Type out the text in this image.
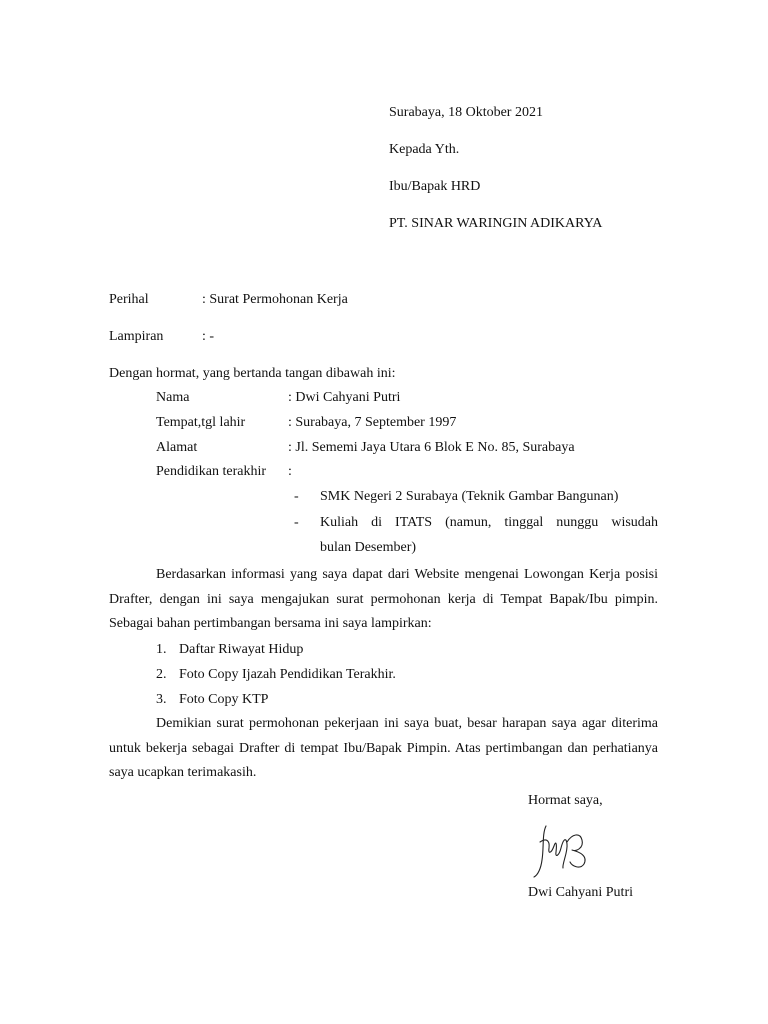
Surabaya, 18 Oktober 2021
Kepada Yth.
Ibu/Bapak HRD
PT. SINAR WARINGIN ADIKARYA
Perihal	: Surat Permohonan Kerja
Lampiran	: -
Dengan hormat, yang bertanda tangan dibawah ini:
Nama	: Dwi Cahyani Putri
Tempat,tgl lahir	: Surabaya, 7 September 1997
Alamat	: Jl. Sememi Jaya Utara 6 Blok E No. 85, Surabaya
Pendidikan terakhir :
- SMK Negeri 2 Surabaya (Teknik Gambar Bangunan)
- Kuliah di ITATS (namun, tinggal nunggu wisudah
bulan Desember)

Berdasarkan informasi yang saya dapat dari Website mengenai Lowongan Kerja posisi Drafter, dengan ini saya mengajukan surat permohonan kerja di Tempat Bapak/Ibu pimpin. Sebagai bahan pertimbangan bersama ini saya lampirkan:

1. Daftar Riwayat Hidup
2. Foto Copy Ijazah Pendidikan Terakhir.
3. Foto Copy KTP

Demikian surat permohonan pekerjaan ini saya buat, besar harapan saya agar diterima untuk bekerja sebagai Drafter di tempat Ibu/Bapak Pimpin. Atas pertimbangan dan perhatianya saya ucapkan terimakasih.

Hormat saya,
Dwi Cahyani Putri
